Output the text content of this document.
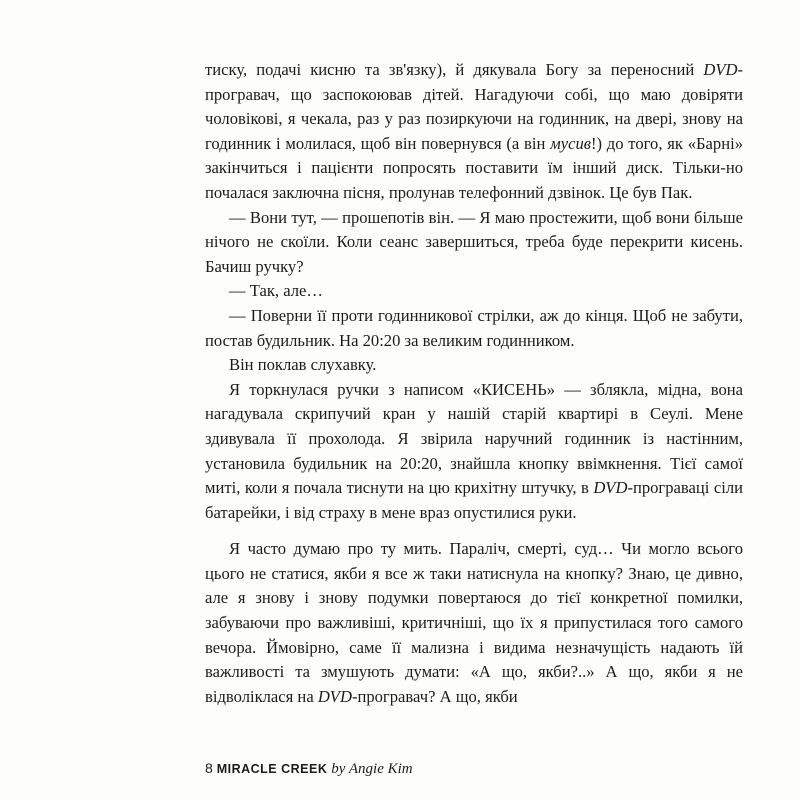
тиску, подачі кисню та зв'язку), й дякувала Богу за переносний DVD-програвач, що заспокоював дітей. Нагадуючи собі, що маю довіряти чоловікові, я чекала, раз у раз позиркуючи на годинник, на двері, знову на годинник і молилася, щоб він повернувся (а він мусив!) до того, як «Барні» закінчиться і пацієнти попросять поставити їм інший диск. Тільки-но почалася заключна пісня, пролунав телефонний дзвінок. Це був Пак.

— Вони тут, — прошепотів він. — Я маю простежити, щоб вони більше нічого не скоїли. Коли сеанс завершиться, треба буде перекрити кисень. Бачиш ручку?

— Так, але…

— Поверни її проти годинникової стрілки, аж до кінця. Щоб не забути, постав будильник. На 20:20 за великим годинником.

Він поклав слухавку.

Я торкнулася ручки з написом «КИСЕНЬ» — зблякла, мідна, вона нагадувала скрипучий кран у нашій старій квартирі в Сеулі. Мене здивувала її прохолода. Я звірила наручний годинник із настінним, установила будильник на 20:20, знайшла кнопку ввімкнення. Тієї самої миті, коли я почала тиснути на цю крихітну штучку, в DVD-програваці сіли батарейки, і від страху в мене враз опустилися руки.

Я часто думаю про ту мить. Параліч, смерті, суд… Чи могло всього цього не статися, якби я все ж таки натиснула на кнопку? Знаю, це дивно, але я знову і знову подумки повертаюся до тієї конкретної помилки, забуваючи про важливіші, критичніші, що їх я припустилася того самого вечора. Ймовірно, саме її мализна і видима незначущість надають їй важливості та змушують думати: «А що, якби?..» А що, якби я не відволіклася на DVD-програвач? А що, якби

8 MIRACLE CREEK by Angie Kim
